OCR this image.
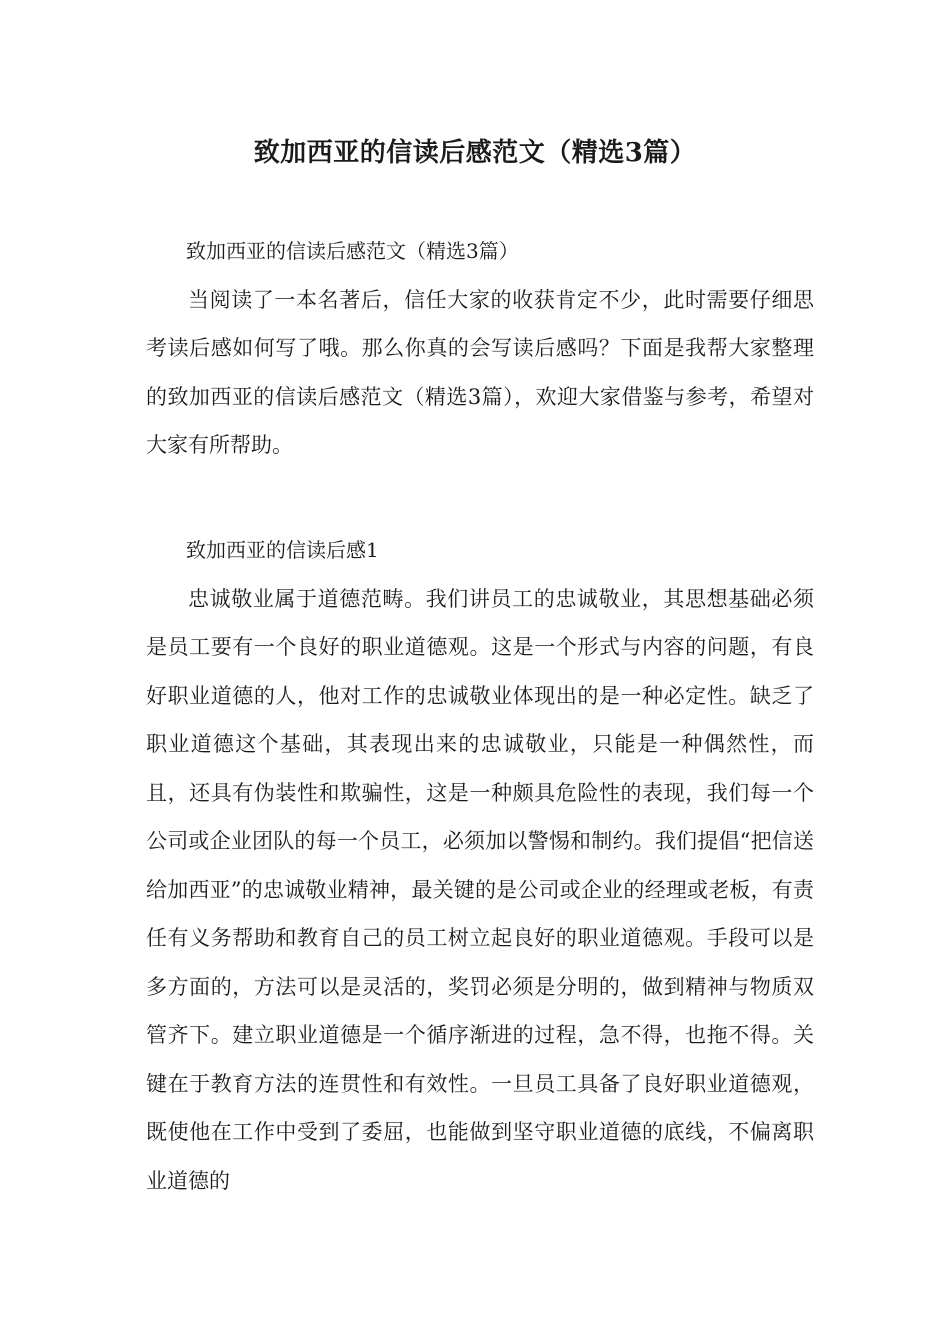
致加西亚的信读后感范文（精选3篇）

致加西亚的信读后感范文（精选3篇）

当阅读了一本名著后，信任大家的收获肯定不少，此时需要仔细思考读后感如何写了哦。那么你真的会写读后感吗？下面是我帮大家整理的致加西亚的信读后感范文（精选3篇），欢迎大家借鉴与参考，希望对大家有所帮助。

致加西亚的信读后感1

忠诚敬业属于道德范畴。我们讲员工的忠诚敬业，其思想基础必须是员工要有一个良好的职业道德观。这是一个形式与内容的问题，有良好职业道德的人，他对工作的忠诚敬业体现出的是一种必定性。缺乏了职业道德这个基础，其表现出来的忠诚敬业，只能是一种偶然性，而且，还具有伪装性和欺骗性，这是一种颇具危险性的表现，我们每一个公司或企业团队的每一个员工，必须加以警惕和制约。我们提倡“把信送给加西亚”的忠诚敬业精神，最关键的是公司或企业的经理或老板，有责任有义务帮助和教育自己的员工树立起良好的职业道德观。手段可以是多方面的，方法可以是灵活的，奖罚必须是分明的，做到精神与物质双管齐下。建立职业道德是一个循序渐进的过程，急不得，也拖不得。关键在于教育方法的连贯性和有效性。一旦员工具备了良好职业道德观，既使他在工作中受到了委屈，也能做到坚守职业道德的底线，不偏离职业道德的
